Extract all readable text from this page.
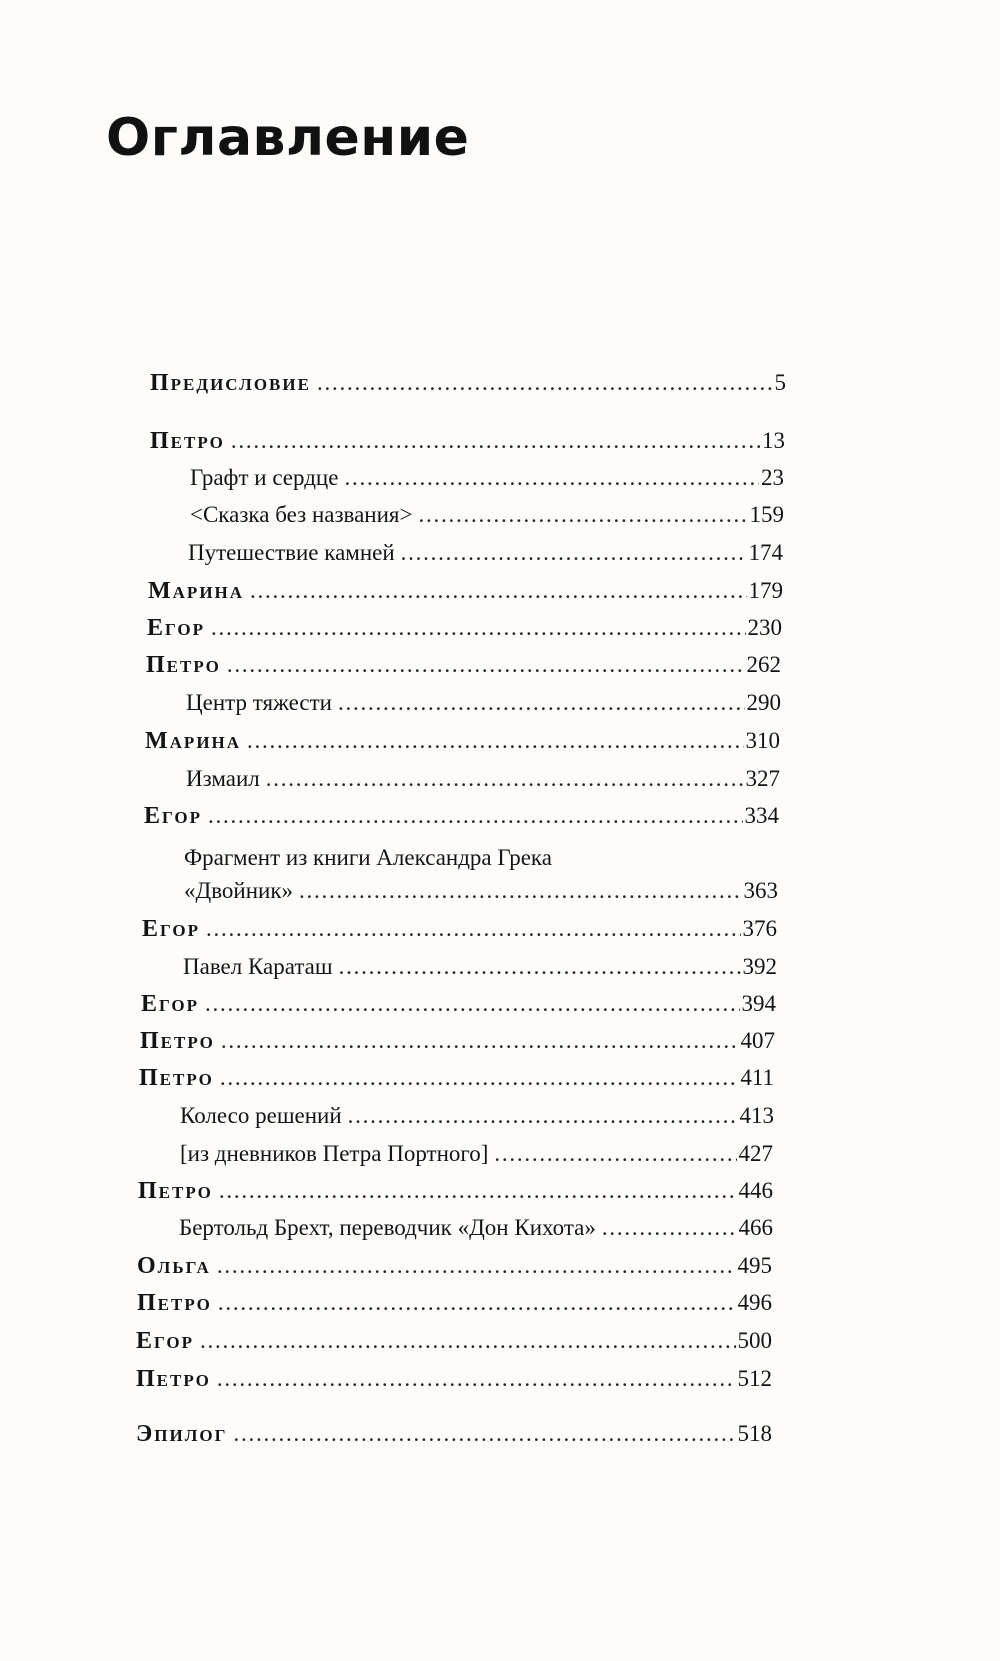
Оглавление
Предисловие . . .	5
Петро . . .	13
Графт и сердце . . .	23
<Сказка без названия> . . .	159
Путешествие камней . . .	174
Марина . . .	179
Егор . . .	230
Петро . . .	262
Центр тяжести . . .	290
Марина . . .	310
Измаил . . .	327
Егор . . .	334
Фрагмент из книги Александра Грека
«Двойник» . . .	363
Егор . . .	376
Павел Караташ . . .	392
Егор . . .	394
Петро . . .	407
Петро . . .	411
Колесо решений . . .	413
[из дневников Петра Портного] . . .	427
Петро . . .	446
Бертольд Брехт, переводчик «Дон Кихота» . . .	466
Ольга . . .	495
Петро . . .	496
Егор . . .	500
Петро . . .	512
Эпилог . . .	518
